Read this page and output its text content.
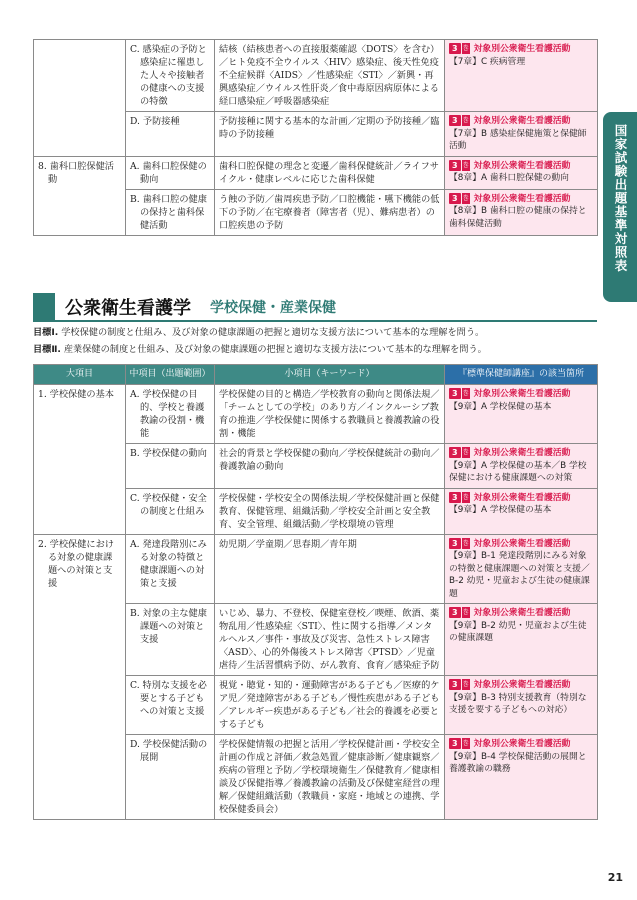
国家試験出題基準対照表
	C. 感染症の予防と感染症に罹患した人々や接触者の健康への支援の特徴	結核（結核患者への直接服薬確認〈DOTS〉を含む）／ヒト免疫不全ウイルス〈HIV〉感染症、後天性免疫不全症候群〈AIDS〉／性感染症〈STI〉／新興・再興感染症／ウイルス性肝炎／食中毒原因病原体による経口感染症／呼吸器感染症	3 巻 対象別公衆衛生看護活動
【7章】C 疾病管理

	D. 予防接種	予防接種に関する基本的な計画／定期の予防接種／臨時の予防接種	3 巻 対象別公衆衛生看護活動
【7章】B 感染症保健施策と保健師活動

8. 歯科口腔保健活動	A. 歯科口腔保健の動向	歯科口腔保健の理念と変遷／歯科保健統計／ライフサイクル・健康レベルに応じた歯科保健	3 巻 対象別公衆衛生看護活動
【8章】A 歯科口腔保健の動向

	B. 歯科口腔の健康の保持と歯科保健活動	う蝕の予防／歯周疾患予防／口腔機能・嚥下機能の低下の予防／在宅療養者（障害者（児）、難病患者）の口腔疾患の予防	3 巻 対象別公衆衛生看護活動
【8章】B 歯科口腔の健康の保持と歯科保健活動
公衆衛生看護学 学校保健・産業保健
目標Ⅰ. 学校保健の制度と仕組み、及び対象の健康課題の把握と適切な支援方法について基本的な理解を問う。
目標Ⅱ. 産業保健の制度と仕組み、及び対象の健康課題の把握と適切な支援方法について基本的な理解を問う。
大項目	中項目（出題範囲）	小項目（キーワード）	『標準保健師講座』の該当箇所
1. 学校保健の基本	A. 学校保健の目的、学校と養護教諭の役割・機能	学校保健の目的と構造／学校教育の動向と関係法規／「チームとしての学校」のあり方／インクルーシブ教育の推進／学校保健に関係する教職員と養護教諭の役割・機能	3 巻 対象別公衆衛生看護活動
【9章】A 学校保健の基本

	B. 学校保健の動向	社会的背景と学校保健の動向／学校保健統計の動向／養護教諭の動向	3 巻 対象別公衆衛生看護活動
【9章】A 学校保健の基本／B 学校保健における健康課題への対策

	C. 学校保健・安全の制度と仕組み	学校保健・学校安全の関係法規／学校保健計画と保健教育、保健管理、組織活動／学校安全計画と安全教育、安全管理、組織活動／学校環境の管理	3 巻 対象別公衆衛生看護活動
【9章】A 学校保健の基本

2. 学校保健における対象の健康課題への対策と支援	A. 発達段階別にみる対象の特徴と健康課題への対策と支援	幼児期／学童期／思春期／青年期	3 巻 対象別公衆衛生看護活動
【9章】B-1 発達段階別にみる対象の特徴と健康課題への対策と支援／B-2 幼児・児童および生徒の健康課題

	B. 対象の主な健康課題への対策と支援	いじめ、暴力、不登校、保健室登校／喫煙、飲酒、薬物乱用／性感染症〈STI〉、性に関する指導／メンタルヘルス／事件・事故及び災害、急性ストレス障害〈ASD〉、心的外傷後ストレス障害〈PTSD〉／児童虐待／生活習慣病予防、がん教育、食育／感染症予防	3 巻 対象別公衆衛生看護活動
【9章】B-2 幼児・児童および生徒の健康課題

	C. 特別な支援を必要とする子どもへの対策と支援	視覚・聴覚・知的・運動障害がある子ども／医療的ケア児／発達障害がある子ども／慢性疾患がある子ども／アレルギー疾患がある子ども／社会的養護を必要とする子ども	3 巻 対象別公衆衛生看護活動
【9章】B-3 特別支援教育（特別な支援を要する子どもへの対応）

	D. 学校保健活動の展開	学校保健情報の把握と活用／学校保健計画・学校安全計画の作成と評価／救急処置／健康診断／健康観察／疾病の管理と予防／学校環境衛生／保健教育／健康相談及び保健指導／養護教諭の活動及び保健室経営の理解／保健組織活動（教職員・家庭・地域との連携、学校保健委員会）	3 巻 対象別公衆衛生看護活動
【9章】B-4 学校保健活動の展開と養護教諭の職務
21
